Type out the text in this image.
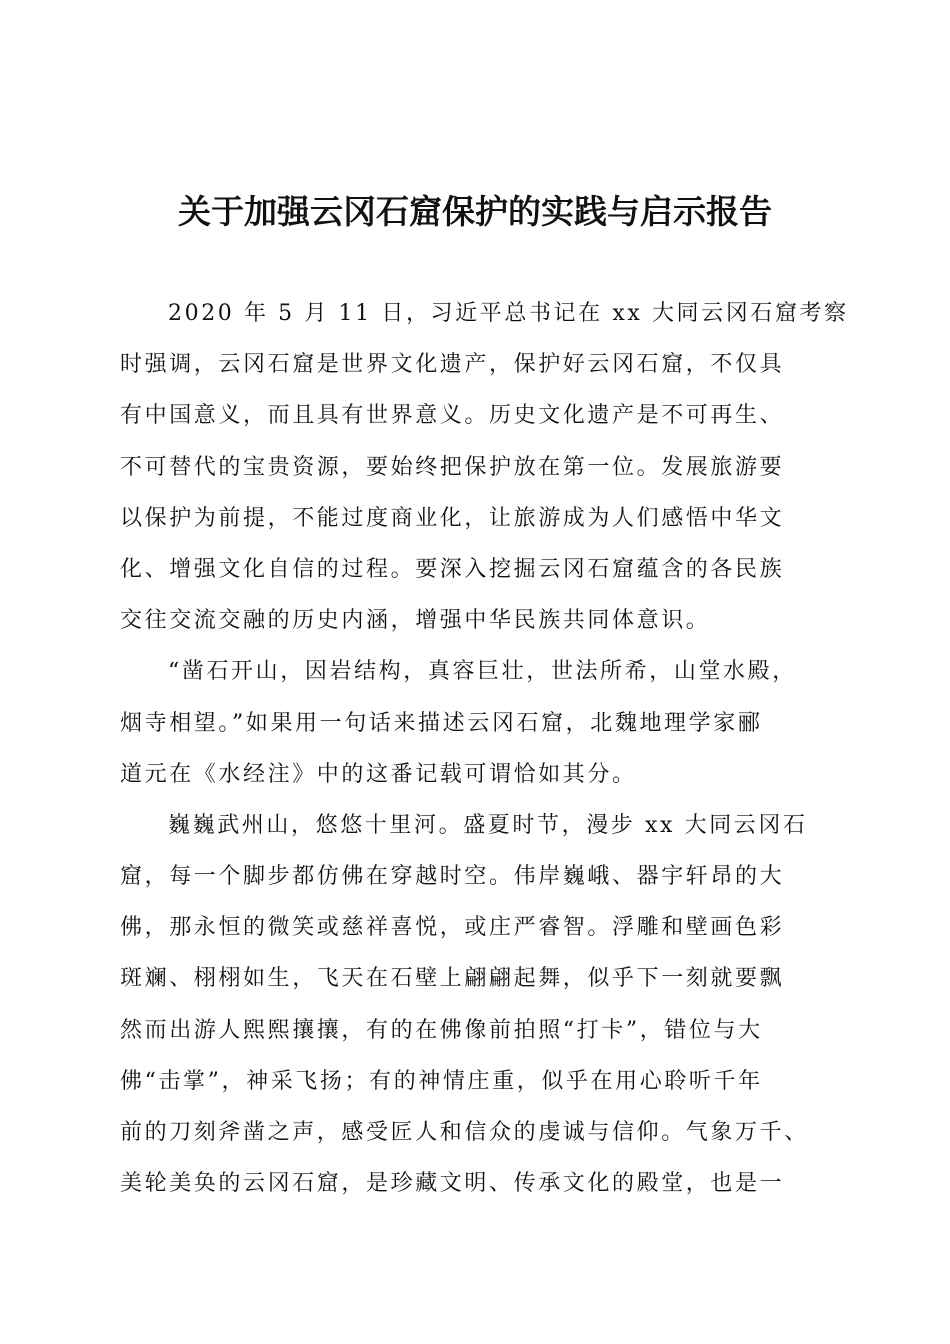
关于加强云冈石窟保护的实践与启示报告
2020 年 5 月 11 日，习近平总书记在 xx 大同云冈石窟考察
时强调，云冈石窟是世界文化遗产，保护好云冈石窟，不仅具
有中国意义，而且具有世界意义。历史文化遗产是不可再生、
不可替代的宝贵资源，要始终把保护放在第一位。发展旅游要
以保护为前提，不能过度商业化，让旅游成为人们感悟中华文
化、增强文化自信的过程。要深入挖掘云冈石窟蕴含的各民族
交往交流交融的历史内涵，增强中华民族共同体意识。
“凿石开山，因岩结构，真容巨壮，世法所希，山堂水殿，
烟寺相望。”如果用一句话来描述云冈石窟，北魏地理学家郦
道元在《水经注》中的这番记载可谓恰如其分。
巍巍武州山，悠悠十里河。盛夏时节，漫步 xx 大同云冈石
窟，每一个脚步都仿佛在穿越时空。伟岸巍峨、器宇轩昂的大
佛，那永恒的微笑或慈祥喜悦，或庄严睿智。浮雕和壁画色彩
斑斓、栩栩如生，飞天在石壁上翩翩起舞，似乎下一刻就要飘
然而出游人熙熙攘攘，有的在佛像前拍照“打卡”，错位与大
佛“击掌”，神采飞扬；有的神情庄重，似乎在用心聆听千年
前的刀刻斧凿之声，感受匠人和信众的虔诚与信仰。气象万千、
美轮美奂的云冈石窟，是珍藏文明、传承文化的殿堂，也是一
